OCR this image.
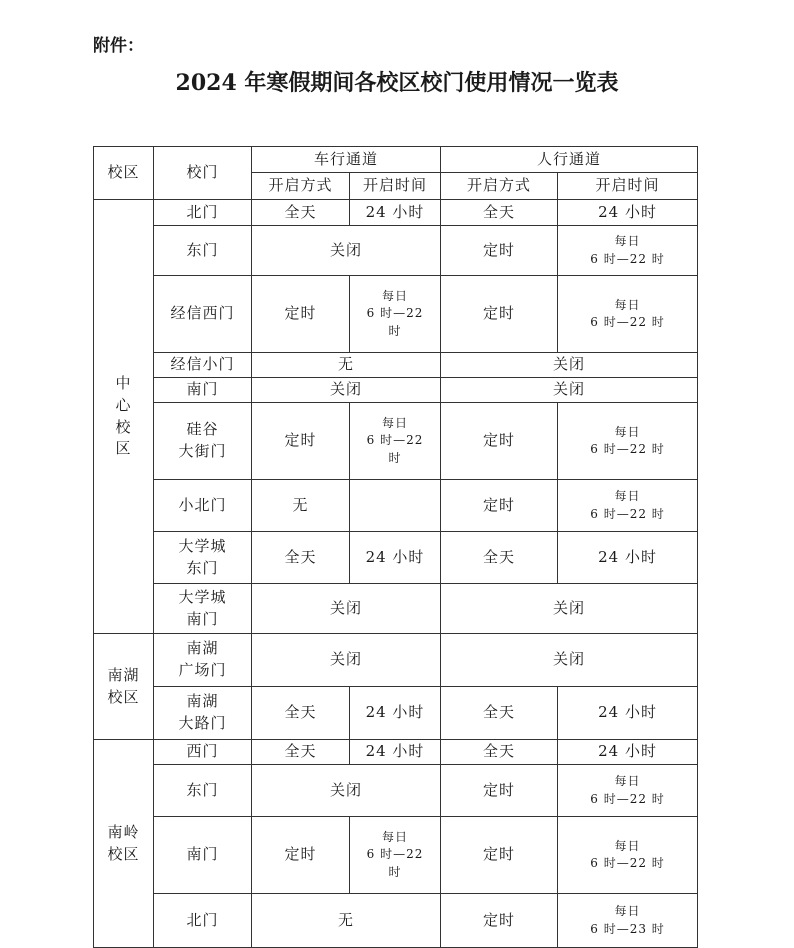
附件：
2024 年寒假期间各校区校门使用情况一览表
校区	校门	车行通道		人行通道	
		开启方式	开启时间	开启方式	开启时间

中
心
校
区	北门	全天	24 小时	全天	24 小时
	东门	关闭		定时	每日
6 时—22 时

	经信西门	定时	每日
6 时—22
时	定时	每日
6 时—22 时

	经信小门	无		关闭	
	南门	关闭		关闭	

	硅谷
大街门	定时	每日
6 时—22
时	定时	每日
6 时—22 时

	小北门	无		定时	每日
6 时—22 时

	大学城
东门	全天	24 小时	全天	24 小时

	大学城
南门	关闭		关闭	

南湖
校区	南湖
广场门	关闭		关闭	

	南湖
大路门	全天	24 小时	全天	24 小时

南岭
校区	西门	全天	24 小时	全天	24 小时
	东门	关闭		定时	每日
6 时—22 时

	南门	定时	每日
6 时—22
时	定时	每日
6 时—22 时

	北门	无		定时	每日
6 时—23 时
